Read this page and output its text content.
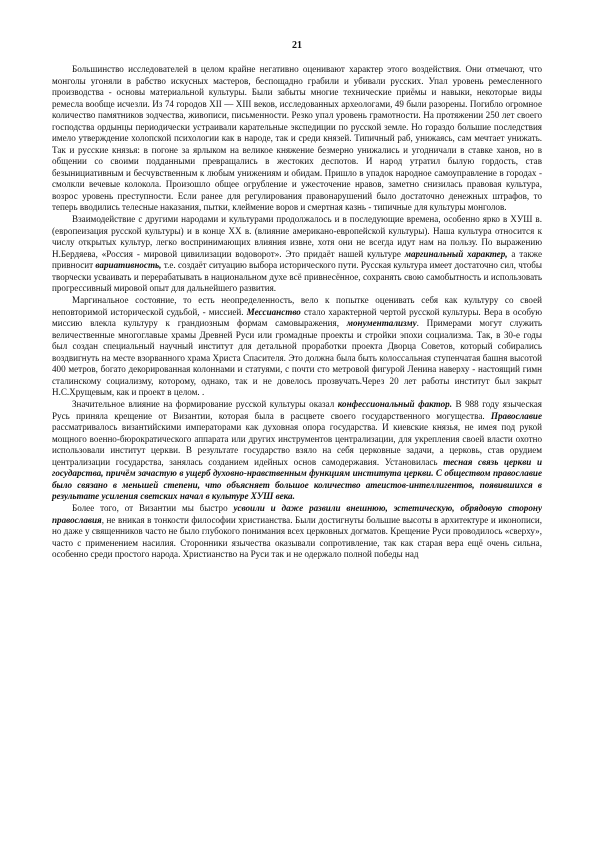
21

Большинство исследователей в целом крайне негативно оценивают характер этого воздействия. Они отмечают, что монголы угоняли в рабство искусных мастеров, беспощадно грабили и убивали русских. Упал уровень ремесленного производства - основы материальной культуры. Были забыты многие технические приёмы и навыки, некоторые виды ремесла вообще исчезли. Из 74 городов XII — XIII веков, исследованных археологами, 49 были разорены. Погибло огромное количество памятников зодчества, живописи, письменности. Резко упал уровень грамотности. На протяжении 250 лет своего господства ордынцы периодически устраивали карательные экспедиции по русской земле. Но гораздо большие последствия имело утверждение холопской психологии как в народе, так и среди князей. Типичный раб, унижаясь, сам мечтает унижать. Так и русские князья: в погоне за ярлыком на великое княжение безмерно унижались и угодничали в ставке ханов, но в общении со своими подданными превращались в жестоких деспотов. И народ утратил былую гордость, став безынициативным и бесчувственным к любым унижениям и обидам. Пришло в упадок народное самоуправление в городах - смолкли вечевые колокола. Произошло общее огрубление и ужесточение нравов, заметно снизилась правовая культура, возрос уровень преступности. Если ранее для регулирования правонарушений было достаточно денежных штрафов, то теперь вводились телесные наказания, пытки, клеймение воров и смертная казнь - типичные для культуры монголов.

Взаимодействие с другими народами и культурами продолжалось и в последующие времена, особенно ярко в ХУШ в. (европеизация русской культуры) и в конце ХХ в. (влияние американо-европейской культуры). Наша культура относится к числу открытых культур, легко воспринимающих влияния извне, хотя они не всегда идут нам на пользу. По выражению Н.Бердяева, «Россия - мировой цивилизации водоворот». Это придаёт нашей культуре маргинальный характер, а также привносит вариативность, т.е. создаёт ситуацию выбора исторического пути. Русская культура имеет достаточно сил, чтобы творчески усваивать и перерабатывать в национальном духе всё привнесённое, сохранять свою самобытность и использовать прогрессивный мировой опыт для дальнейшего развития.

Маргинальное состояние, то есть неопределенность, вело к попытке оценивать себя как культуру со своей неповторимой исторической судьбой, - миссией. Мессианство стало характерной чертой русской культуры. Вера в особую миссию влекла культуру к грандиозным формам самовыражения, монументализму. Примерами могут служить величественные многоглавые храмы Древней Руси или громадные проекты и стройки эпохи социализма. Так, в 30-е годы был создан специальный научный институт для детальной проработки проекта Дворца Советов, который собирались воздвигнуть на месте взорванного храма Христа Спасителя. Это должна была быть колоссальная ступенчатая башня высотой 400 метров, богато декорированная колоннами и статуями, с почти сто метровой фигурой Ленина наверху - настоящий гимн сталинскому социализму, которому, однако, так и не довелось прозвучать.Через 20 лет работы институт был закрыт Н.С.Хрущевым, как и проект в целом. .

Значительное влияние на формирование русской культуры оказал конфессиональный фактор. В 988 году языческая Русь приняла крещение от Византии, которая была в расцвете своего государственного могущества. Православие рассматривалось византийскими императорами как духовная опора государства. И киевские князья, не имея под рукой мощного военно-бюрократического аппарата или других инструментов централизации, для укрепления своей власти охотно использовали институт церкви. В результате государство взяло на себя церковные задачи, а церковь, став орудием централизации государства, занялась созданием идейных основ самодержавия. Установилась тесная связь церкви и государства, причём зачастую в ущерб духовно-нравственным функциям института церкви. С обществом православие было связано в меньшей степени, что объясняет большое количество атеистов-интеллигентов, появившихся в результате усиления светских начал в культуре ХУШ века.

Более того, от Византии мы быстро усвоили и даже развили внешнюю, эстетическую, обрядовую сторону православия, не вникая в тонкости философии христианства. Были достигнуты большие высоты в архитектуре и иконописи, но даже у священников часто не было глубокого понимания всех церковных догматов. Крещение Руси проводилось «сверху», часто с применением насилия. Сторонники язычества оказывали сопротивление, так как старая вера ещё очень сильна, особенно среди простого народа. Христианство на Руси так и не одержало полной победы над
